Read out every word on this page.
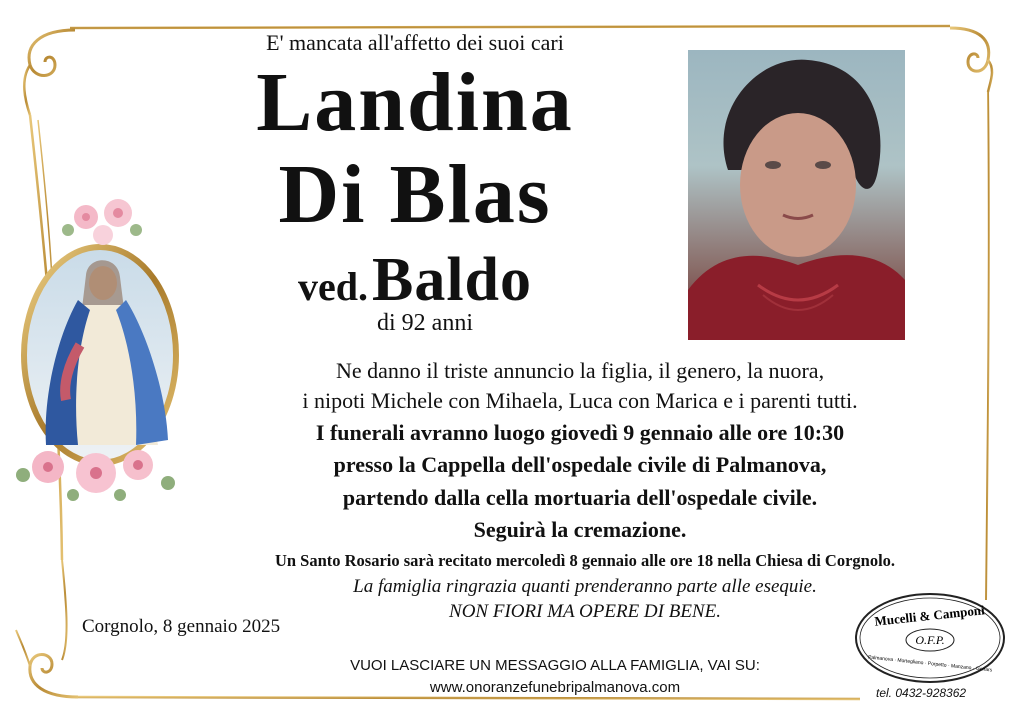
E' mancata all'affetto dei suoi cari
Landina
Di Blas
ved. Baldo
di 92 anni
Ne danno il triste annuncio la figlia, il genero, la nuora,
i nipoti Michele con Mihaela, Luca con Marica e i parenti tutti.
I funerali avranno luogo giovedì 9 gennaio alle ore 10:30
presso la Cappella dell'ospedale civile di Palmanova,
partendo dalla cella mortuaria dell'ospedale civile.
Seguirà la cremazione.
Un Santo Rosario sarà recitato mercoledì 8 gennaio alle ore 18 nella Chiesa di Corgnolo.
La famiglia ringrazia quanti prenderanno parte alle esequie.
NON FIORI MA OPERE DI BENE.
Corgnolo, 8 gennaio 2025
VUOI LASCIARE UN MESSAGGIO ALLA FAMIGLIA, VAI SU:
www.onoranzefunebripalmanova.com
Mucelli & Camponi
O.F.P.
Palmanova · Mortegliano · Porpetto · Manzano · Gonars
tel. 0432-928362
